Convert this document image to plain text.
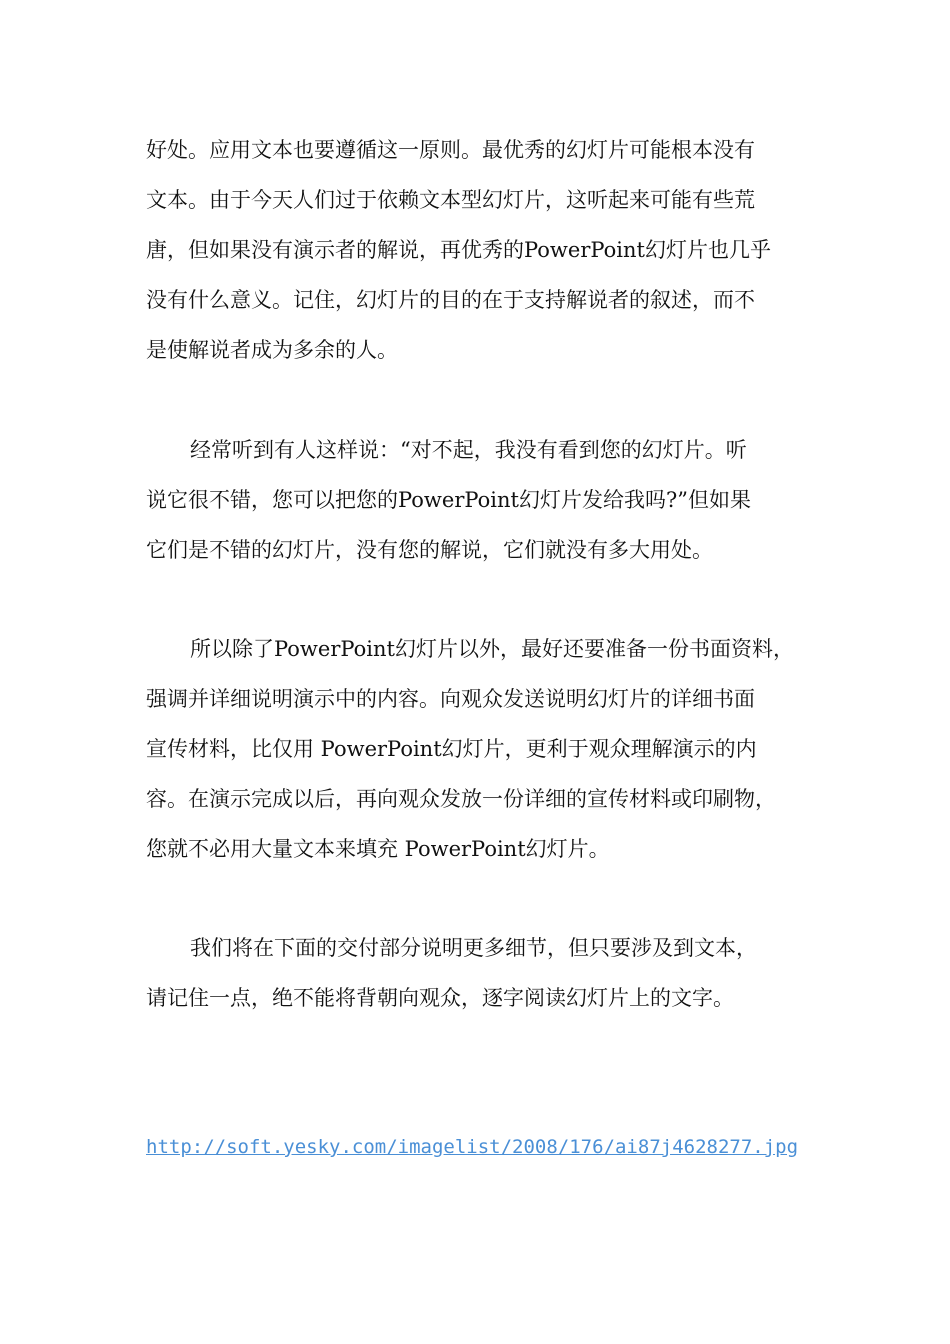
好处。应用文本也要遵循这一原则。最优秀的幻灯片可能根本没有
文本。由于今天人们过于依赖文本型幻灯片，这听起来可能有些荒
唐，但如果没有演示者的解说，再优秀的PowerPoint幻灯片也几乎
没有什么意义。记住，幻灯片的目的在于支持解说者的叙述，而不
是使解说者成为多余的人。
经常听到有人这样说：“对不起，我没有看到您的幻灯片。听
说它很不错，您可以把您的PowerPoint幻灯片发给我吗?”但如果
它们是不错的幻灯片，没有您的解说，它们就没有多大用处。
所以除了PowerPoint幻灯片以外，最好还要准备一份书面资料，
强调并详细说明演示中的内容。向观众发送说明幻灯片的详细书面
宣传材料，比仅用 PowerPoint幻灯片，更利于观众理解演示的内
容。在演示完成以后，再向观众发放一份详细的宣传材料或印刷物，
您就不必用大量文本来填充 PowerPoint幻灯片。
我们将在下面的交付部分说明更多细节，但只要涉及到文本，
请记住一点，绝不能将背朝向观众，逐字阅读幻灯片上的文字。
http://soft.yesky.com/imagelist/2008/176/ai87j4628277.jpg
